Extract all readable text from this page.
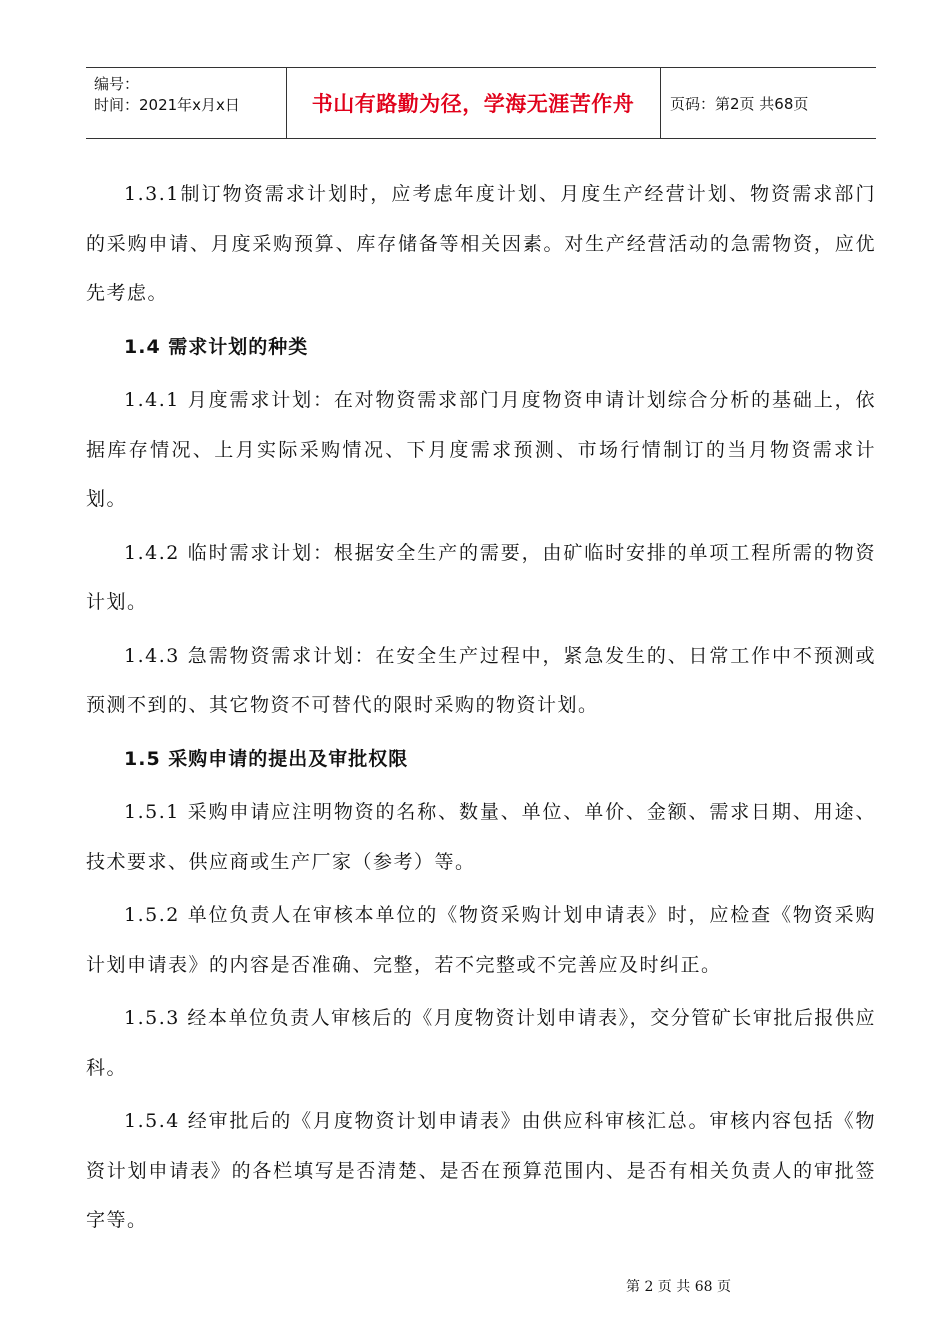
编号：
时间：2021年x月x日	书山有路勤为径，学海无涯苦作舟 页码：第2页 共68页

1.3.1制订物资需求计划时，应考虑年度计划、月度生产经营计划、物资需求部门的采购申请、月度采购预算、库存储备等相关因素。对生产经营活动的急需物资，应优先考虑。

1.4 需求计划的种类

1.4.1 月度需求计划：在对物资需求部门月度物资申请计划综合分析的基础上，依据库存情况、上月实际采购情况、下月度需求预测、市场行情制订的当月物资需求计划。

1.4.2 临时需求计划：根据安全生产的需要，由矿临时安排的单项工程所需的物资计划。

1.4.3 急需物资需求计划：在安全生产过程中，紧急发生的、日常工作中不预测或预测不到的、其它物资不可替代的限时采购的物资计划。

1.5 采购申请的提出及审批权限

1.5.1 采购申请应注明物资的名称、数量、单位、单价、金额、需求日期、用途、技术要求、供应商或生产厂家（参考）等。

1.5.2 单位负责人在审核本单位的《物资采购计划申请表》时，应检查《物资采购计划申请表》的内容是否准确、完整，若不完整或不完善应及时纠正。

1.5.3 经本单位负责人审核后的《月度物资计划申请表》，交分管矿长审批后报供应科。

1.5.4 经审批后的《月度物资计划申请表》由供应科审核汇总。审核内容包括《物资计划申请表》的各栏填写是否清楚、是否在预算范围内、是否有相关负责人的审批签字等。

第 2 页 共 68 页
